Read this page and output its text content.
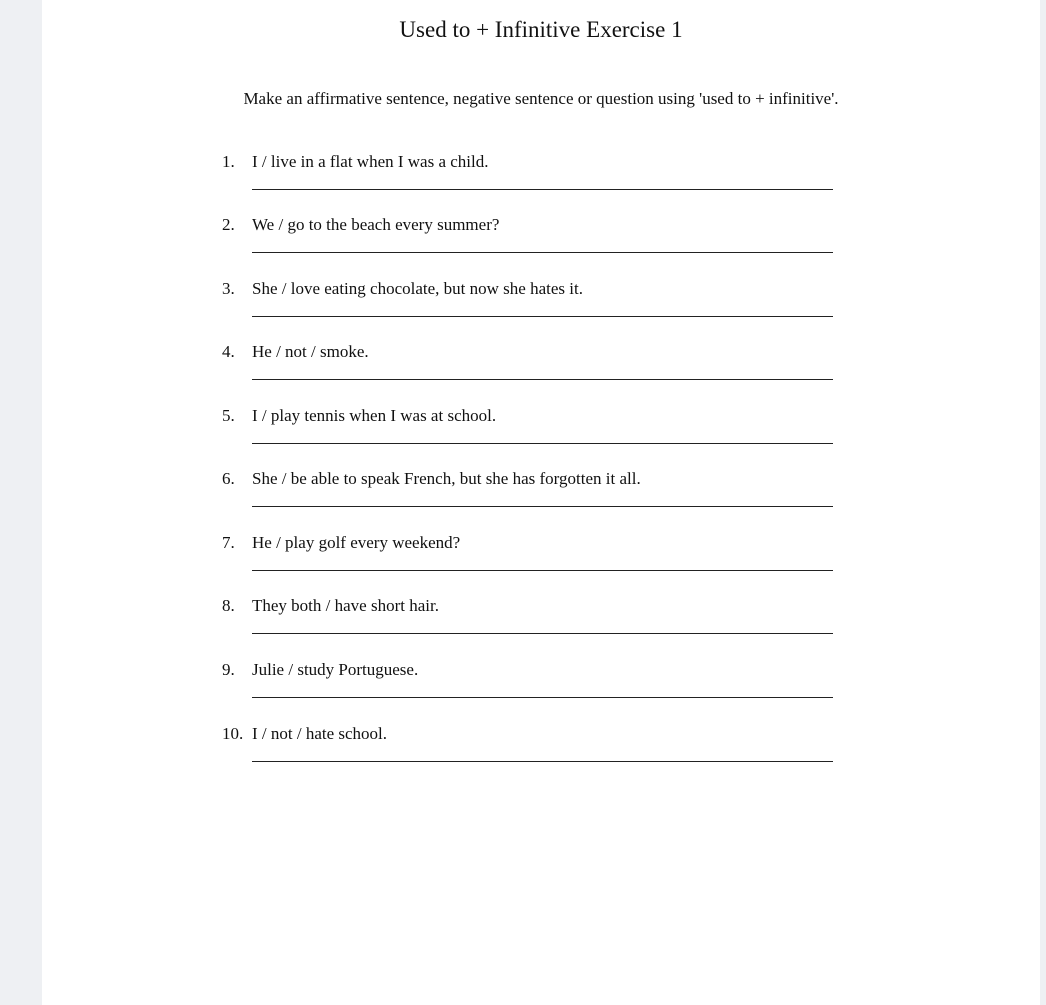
Used to + Infinitive Exercise 1
Make an affirmative sentence, negative sentence or question using 'used to + infinitive'.
1. I / live in a flat when I was a child.
2. We / go to the beach every summer?
3. She / love eating chocolate, but now she hates it.
4. He / not / smoke.
5. I / play tennis when I was at school.
6. She / be able to speak French, but she has forgotten it all.
7. He / play golf every weekend?
8. They both / have short hair.
9. Julie / study Portuguese.
10. I / not / hate school.
